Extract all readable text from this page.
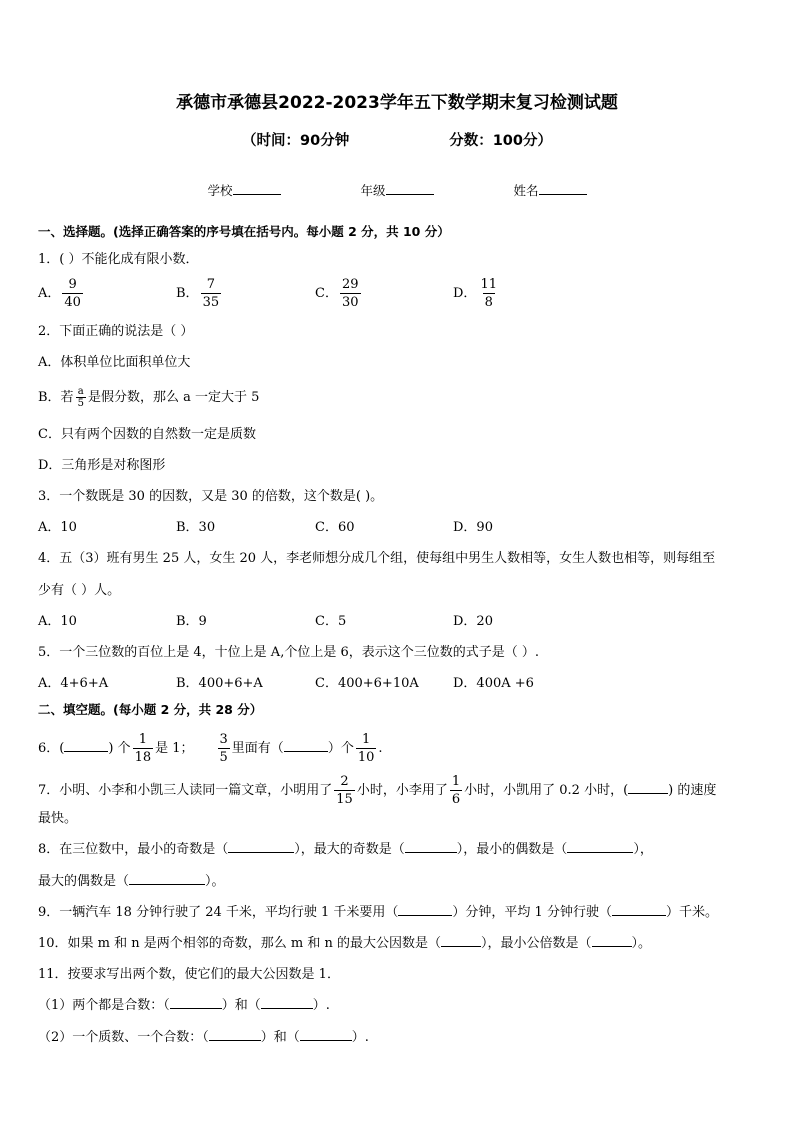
承德市承德县2022-2023学年五下数学期末复习检测试题
（时间：90分钟	分数：100分）
学校	年级	姓名
一、选择题。(选择正确答案的序号填在括号内。每小题 2 分，共 10 分）
1．( ）不能化成有限小数．
A． $\frac{9}{40}$	B． $\frac{7}{35}$	C． $\frac{29}{30}$	D． $\frac{11}{8}$
2．下面正确的说法是（ ）
A．体积单位比面积单位大
B．若 $\frac{a}{5}$ 是假分数，那么 a 一定大于 5
C．只有两个因数的自然数一定是质数
D．三角形是对称图形
3．一个数既是 30 的因数，又是 30 的倍数，这个数是( )。
A．10	B．30	C．60	D．90
4．五（3）班有男生 25 人，女生 20 人，李老师想分成几个组，使每组中男生人数相等，女生人数也相等，则每组至
少有（ ）人。
A．10	B．9	C．5	D．20
5．一个三位数的百位上是 4，十位上是 A,个位上是 6，表示这个三位数的式子是（ ）.
A．4+6+A	B．400+6+A	C．400+6+10A	D．400A +6
二、填空题。(每小题 2 分，共 28 分）
6．(	) 个 $\frac{1}{18}$ 是 1； $\frac{3}{5}$ 里面有（	）个 $\frac{1}{10}$ .
7．小明、小李和小凯三人读同一篇文章，小明用了 $\frac{2}{15}$ 小时，小李用了 $\frac{1}{6}$ 小时，小凯用了 0.2 小时，(	) 的速度
最快。
8．在三位数中，最小的奇数是（	），最大的奇数是（	），最小的偶数是（	），
最大的偶数是（	）。
9．一辆汽车 18 分钟行驶了 24 千米，平均行驶 1 千米要用（	）分钟，平均 1 分钟行驶（	）千米。
10．如果 m 和 n 是两个相邻的奇数，那么 m 和 n 的最大公因数是（	），最小公倍数是（	）。
11．按要求写出两个数，使它们的最大公因数是 1．
（1）两个都是合数：（	）和（	）.
（2）一个质数、一个合数：（	）和（	）.
